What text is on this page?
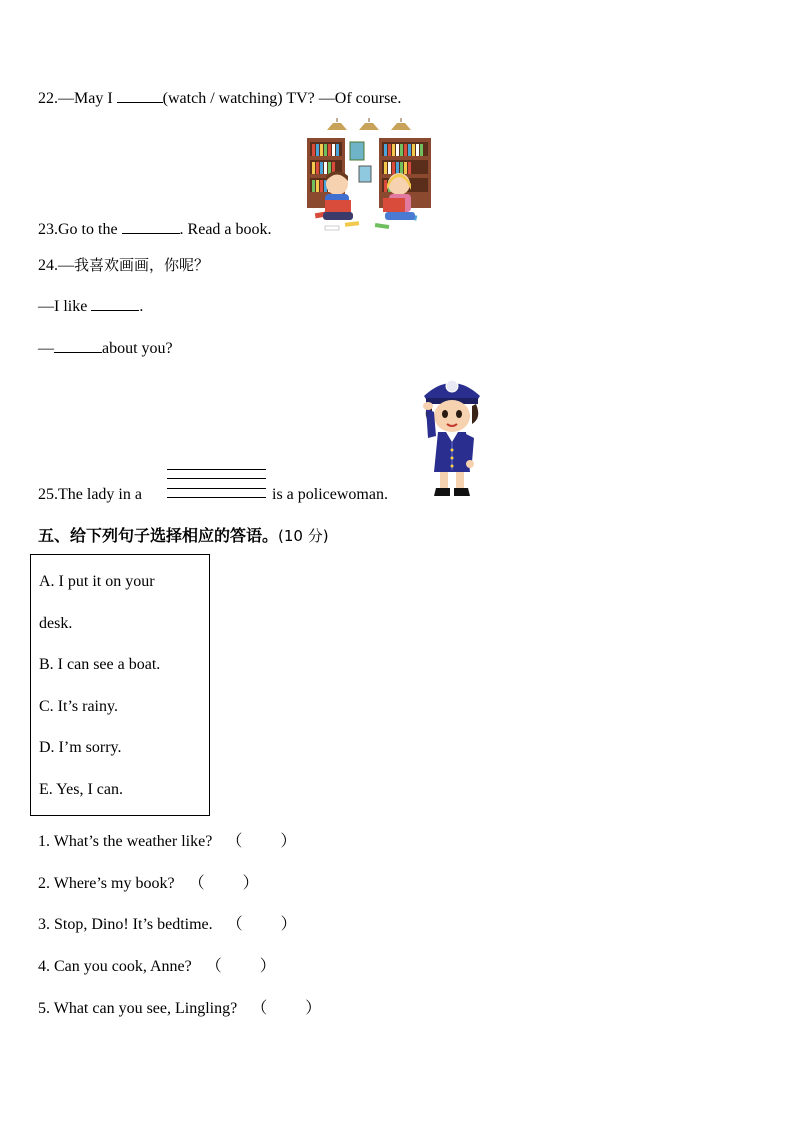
22.—May I	(watch / watching) TV? —Of course.
23.Go to the	. Read a book.
24.—我喜欢画画，你呢？
—I like	.
—	about you?
25.The lady in a	is a policewoman.
五、给下列句子选择相应的答语。(10 分)
A. I put it on your
desk.
B. I can see a boat.
C. It’s rainy.
D. I’m sorry.
E. Yes, I can.
1. What’s the weather like? （ ）
2. Where’s my book? （ ）
3. Stop, Dino! It’s bedtime. （ ）
4. Can you cook, Anne? （ ）
5. What can you see, Lingling? （ ）
